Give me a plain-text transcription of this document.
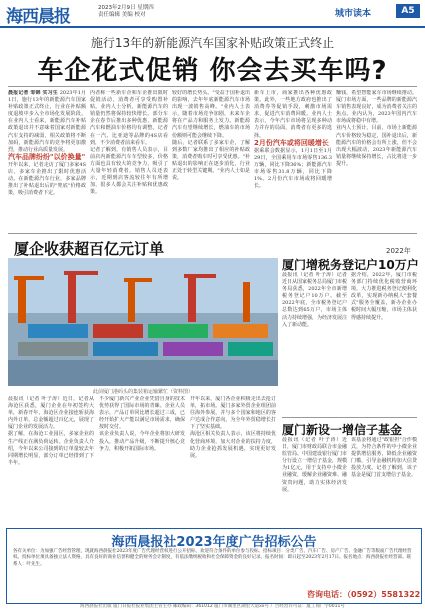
海西晨报	2023年2月9日 星期四
责任编辑 美编 校对	城市读本	A5
施行13年的新能源汽车国家补贴政策正式终止
车企花式促销 你会去买车吗?
晨报记者 邹锦 实习生 2023年1月1日，施行13年的新能源汽车国家补贴政策正式终止，行业在补贴额度退坡中步入全市场化发展阶段。在业内人士看来，新能源汽车补贴政策退出并不意味着国家对新能源汽车支持的减弱，相关政策将不断加码，新能源汽车的竞争将更加激烈，推动行业高质量发展。
汽车品牌纷纷"以价换量"
开年以来，记者走访了厦门多家4S店，多家车企推出了限时优惠活动。在新能源汽车行业，多家品牌推出了补贴退出后的"兜底"价格政策，吸引消费者下定。
内者称一些新车企和车企推出限时促销活动，消费者可享受购置补贴。业内人士分析，新能源汽车的销量仍然将保持较快增长。部分车企在春节后推出多种优惠，新能源汽车和燃油车价格均有调整。记者在一汽、比亚迪等品牌的4S店看到，不少消费者前来看车。
记者了解到，有销售人员表示，目前店内新能源汽车车型较多，价格方面也具有较大的竞争力，吸引了大量年轻消费者。销售人员还表示，近期到店客流较往年有所增加，很多人都会关注补贴和优惠政策。
较好的增长势头。"受益于国补退出的影响，去年年底新能源汽车市场出现一波销售高峰。"业内人士表示，随着市场竞争加剧，未来车企将在产品力和服务上发力。新能源汽车有望继续增长，燃油车的市场份额则可能会继续下降。
随后，记者联系了多家车企，了解到多数厂家均推出了相应的补贴政策，消费者购车时可享受优惠。"补贴退出的影响正在逐步消化，行业正处于转型关键期。"业内人士如是说。
新车上市，商家推出各种优惠政策。此外，一些地方政府也推出了消费券等促销手段，刺激市场需求，促进汽车消费回暖。业内人士表示，今年汽车市场将呈现多种动力并存的局面，消费者有更多的选择。
2月份汽车或将回暖增长
据乘联会数据显示，1月1日至1月29日，全国乘用车市场零售136.3万辆，同比下降36%；新能源汽车市场零售31.8万辆，同比下降1%。2月份汽车市场或将回暖增长。
赚钱，希望智能家车市场继续推动。厦门市场方面，一些品牌的新能源汽车销售表现良好，成为消费者关注的焦点。业内认为，2023年国内汽车市场或将稳中有增。
业内人士预计，目前，市场上新能源汽车价格较为稳定，国补退出后，新能源汽车的价格会有所上涨，但不会出现大幅波动，2023年新能源汽车销量将继续保持增长，占比将进一步提升。
厦企收获超百亿元订单
此前厦门港码头的集装箱运输繁忙（资料图）
晨报讯（记者 叶子涛）近日，记者从海沧区获悉，厦门企业在年初签约大单，新春开年，海沧区企业接连斩获海内外订单，总金额超过百亿元，展现了厦门企业的发展活力。
据了解，在海沧工业园区，多家企业的生产线正在满负荷运转。企业负责人介绍，今年以来公司接到的订单量较去年同期增长明显，部分订单已经排到了下半年。
不少厦门新兴产业企业凭借自身的技术优势获得了国际市场的青睐。企业人员表示，产品订单同比增长超过三成，已经开始扩大产能以满足市场需求，确保按时交付。
该企业负责人说，今年企业将加大研发投入，推动产品升级，不断提升核心竞争力，积极开拓国际市场。
开年以来，厦门各企业积极走出去抢订单，拓市场。厦门多家外贸企业组团前往海外参展，并与多个国家和地区的客户达成合作意向，为全年外贸稳增长打下了坚实基础。
海沧区相关负责人表示，该区将持续优化营商环境，加大对企业的扶持力度，助力企业抢抓发展机遇，实现更好发展。
2022年
厦门增税务登记户10万户
晨报讯（记者 叶子涛）记者近日从国家税务总局厦门市税务局获悉，2022年全市新增税务登记户10万户。截至2022年底，全市税务登记户总数达到65万户，市场主体活力持续增强，为经济发展注入了新动能。
据介绍，2022年，厦门市税务部门持续优化税收营商环境，大力推进税务登记便利化改革，实现新办纳税人"套餐式"服务全覆盖，新办企业办税时间大幅压缩，市场主体获得感持续提升。
厦门新设一增信子基金
晨报讯（记者 叶子涛）近日，厦门市财政局联合市金融监管局、中国建设银行厦门市分行设立一增信子基金，规模为1亿元，用于支持中小微企业融资，缓解企业融资难、融资贵问题，助力实体经济发展。
该基金将通过"政银担"合作模式，为符合条件的中小微企业提供增信服务，降低企业融资门槛，引导金融机构加大信贷投放力度。记者了解到，该子基金是厦门首支增信子基金。
海西晨报社2023年度广告招标公告
各有关单位：为加强广告经营管理，现就海西晨报社2023年度广告代理经营权进行公开招标，欢迎符合条件的单位参与投标。招标项目：分类广告、汽车广告、房产广告、金融广告等版面广告代理经营权。投标单位须具备独立法人资格，具有良好的商业信誉和健全的财务会计制度，有依法缴纳税收和社会保障资金的良好记录。报名时间：即日起至2023年2月17日。报名地点：海西晨报社经营部。联系人：叶先生。
咨询电话：（0592）5581322
海西晨报社出版 厦门日报社报业集团主管主办 邮政编码：361012 厦门市湖里区湖里大道xx号 广告经营许可证：厦工商广字0011号
